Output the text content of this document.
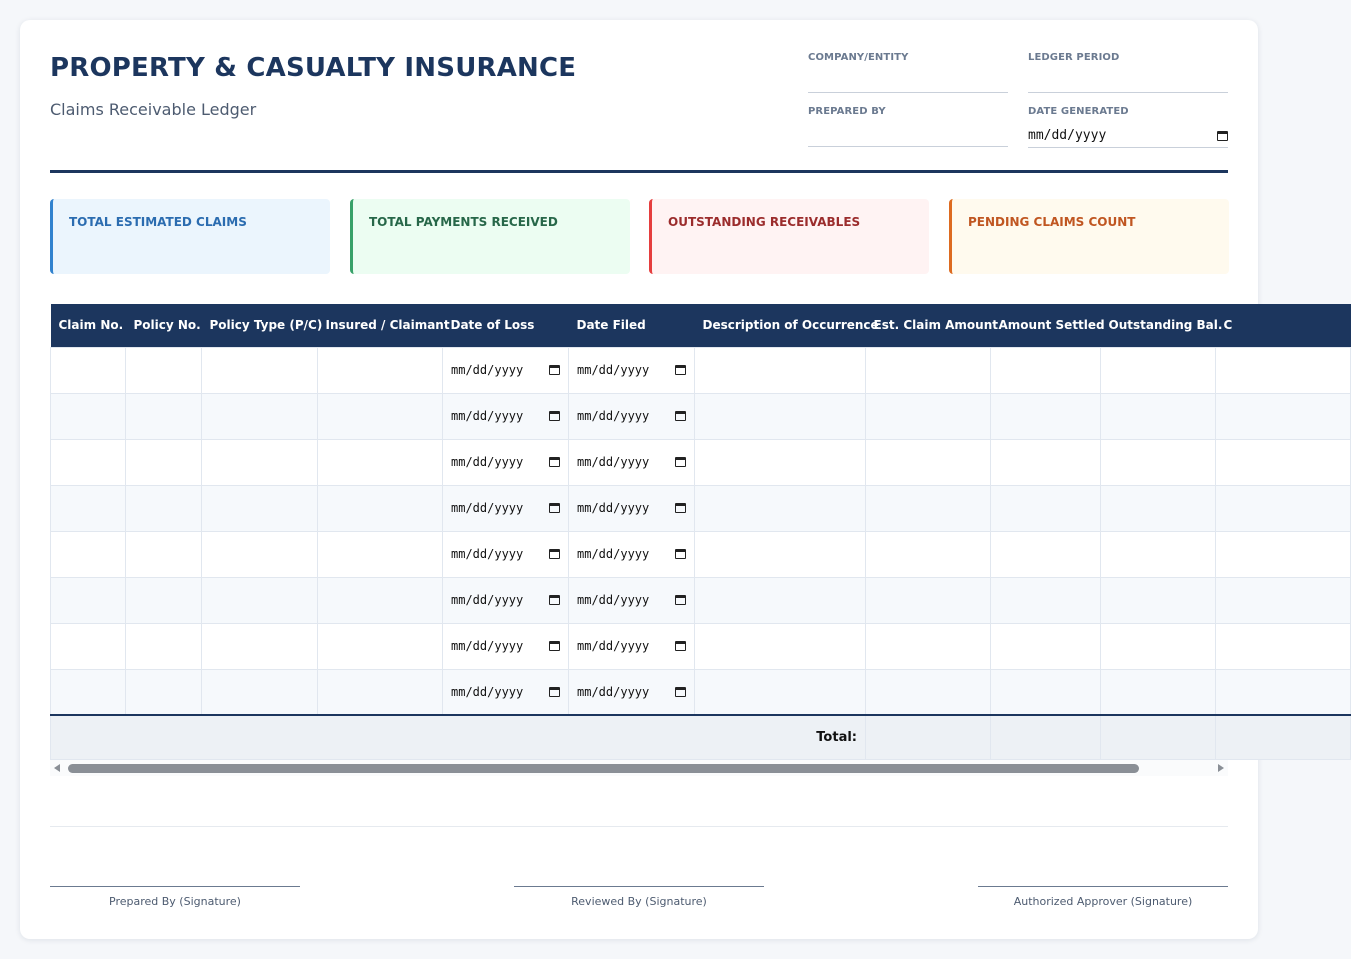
PROPERTY & CASUALTY INSURANCE
Claims Receivable Ledger
COMPANY/ENTITY	LEDGER PERIOD
PREPARED BY	DATE GENERATED
mm/dd/yyyy
TOTAL ESTIMATED CLAIMS	TOTAL PAYMENTS RECEIVED	OUTSTANDING RECEIVABLES	PENDING CLAIMS COUNT
Claim No.	Policy No.	Policy Type (P/C)	Insured / Claimant	Date of Loss	Date Filed	Description of Occurrence	Est. Claim Amount	Amount Settled	Outstanding Bal.	C

				mm/dd/yyyy	mm/dd/yyyy					

				mm/dd/yyyy	mm/dd/yyyy					

				mm/dd/yyyy	mm/dd/yyyy					

				mm/dd/yyyy	mm/dd/yyyy					

				mm/dd/yyyy	mm/dd/yyyy					

				mm/dd/yyyy	mm/dd/yyyy					

				mm/dd/yyyy	mm/dd/yyyy					

				mm/dd/yyyy	mm/dd/yyyy					

Total:										
Prepared By (Signature)	Reviewed By (Signature)	Authorized Approver (Signature)
